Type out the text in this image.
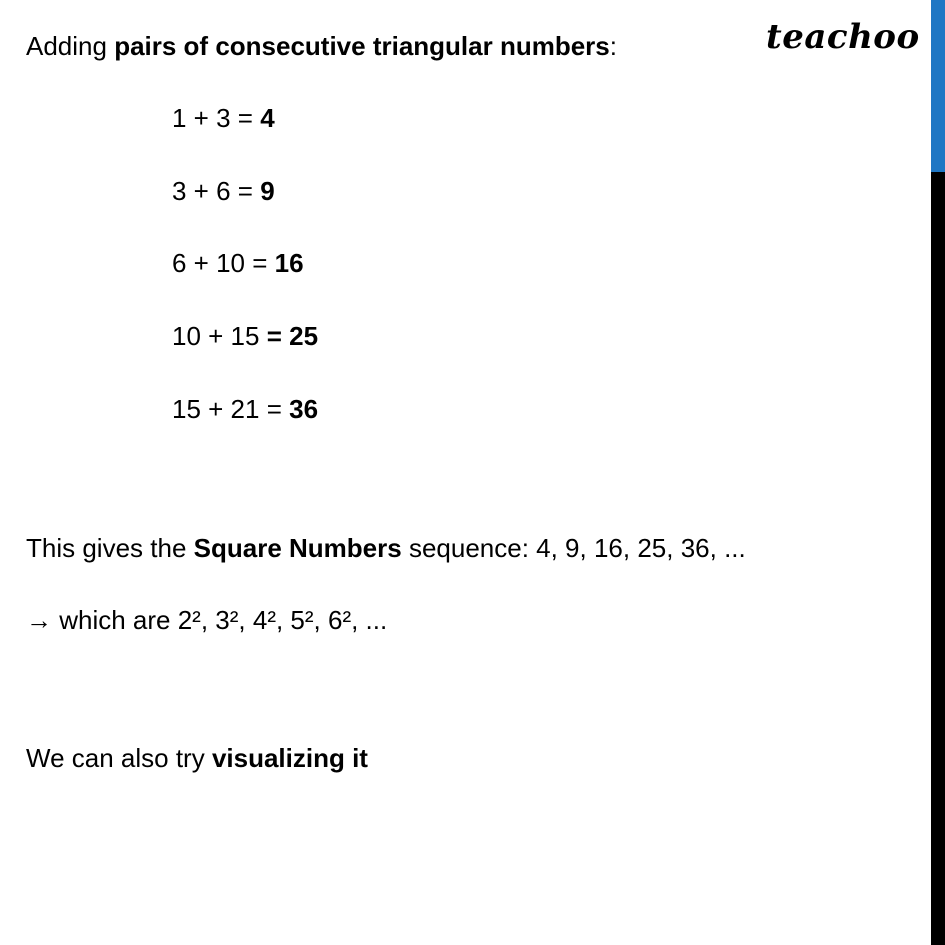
teachoo
Adding pairs of consecutive triangular numbers:
1 + 3 = 4
3 + 6 = 9
6 + 10 = 16
10 + 15 = 25
15 + 21 = 36
This gives the Square Numbers sequence: 4, 9, 16, 25, 36, ...
→ which are 2², 3², 4², 5², 6², ...
We can also try visualizing it
